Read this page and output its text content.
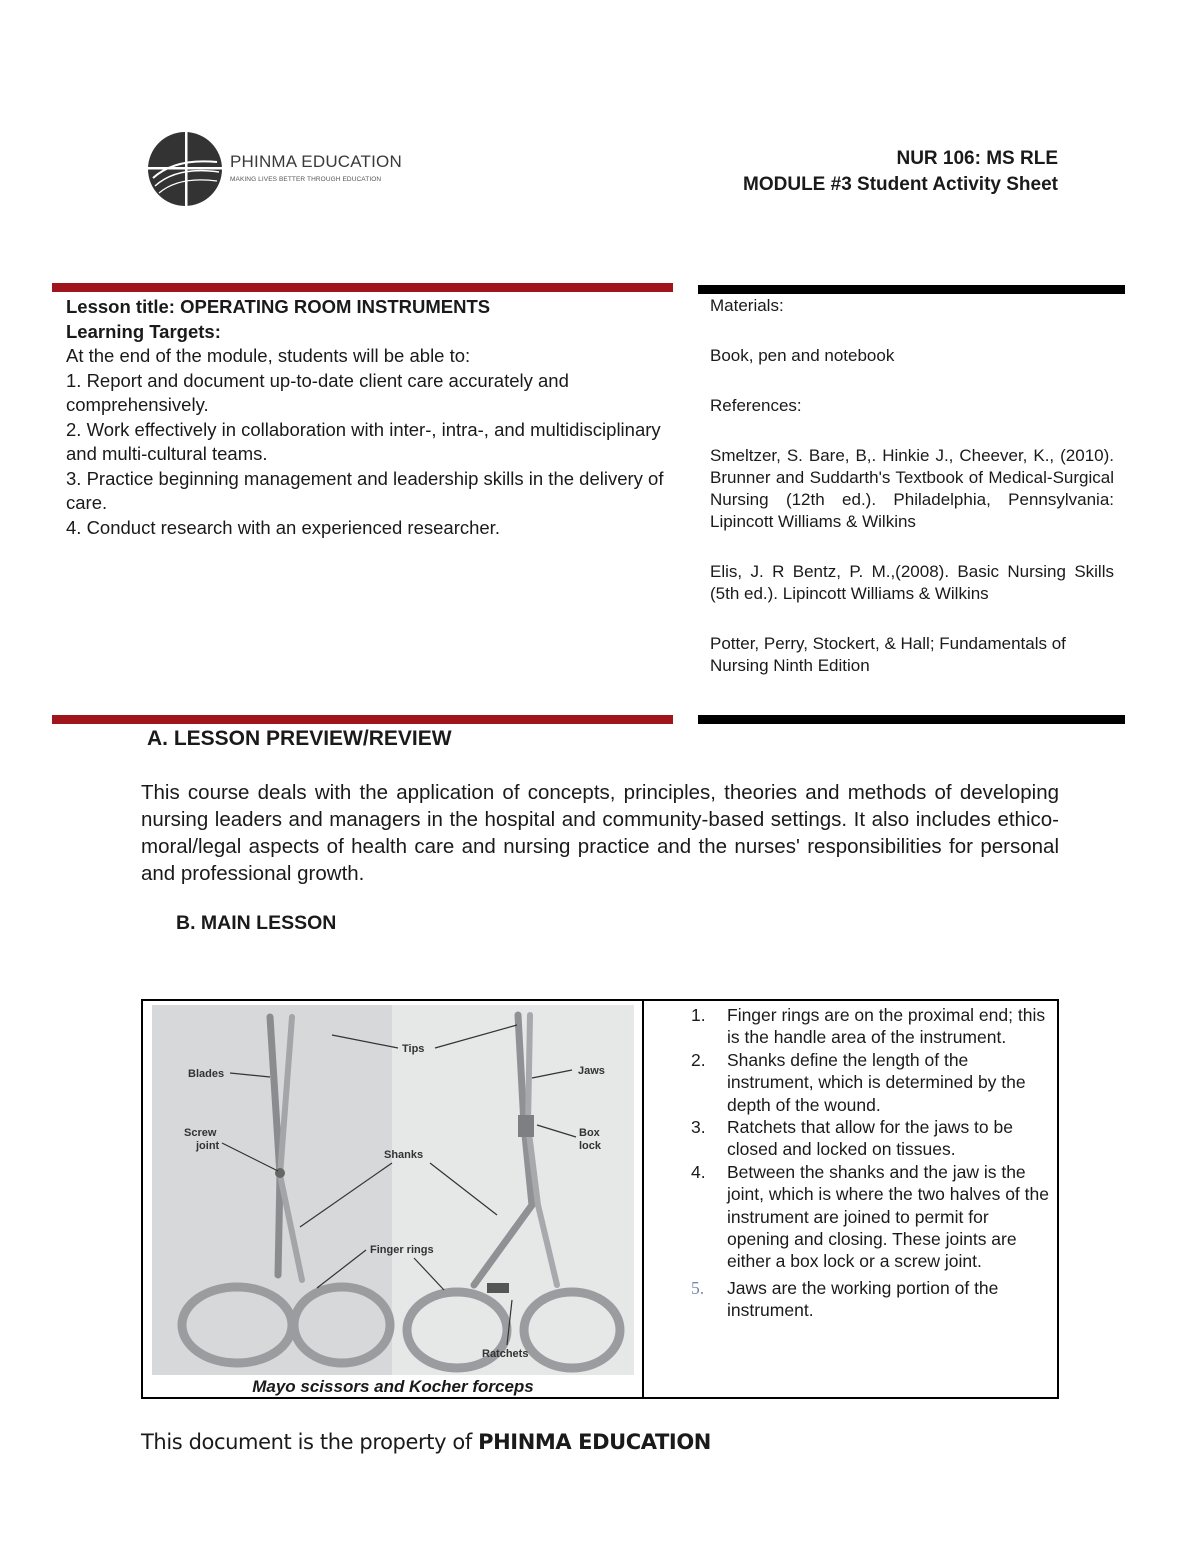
PHINMA EDUCATION
MAKING LIVES BETTER THROUGH EDUCATION
NUR 106: MS RLE
MODULE #3 Student Activity Sheet

Lesson title: OPERATING ROOM INSTRUMENTS

Learning Targets:

At the end of the module, students will be able to:

1. Report and document up-to-date client care accurately and comprehensively.

2. Work effectively in collaboration with inter-, intra-, and multidisciplinary and multi-cultural teams.

3. Practice beginning management and leadership skills in the delivery of care.

4. Conduct research with an experienced researcher.

Materials:

Book, pen and notebook

References:

Smeltzer, S. Bare, B,. Hinkie J., Cheever, K., (2010). Brunner and Suddarth's Textbook of Medical-Surgical Nursing (12th ed.). Philadelphia, Pennsylvania: Lipincott Williams & Wilkins

Elis, J. R Bentz, P. M.,(2008). Basic Nursing Skills (5th ed.). Lipincott Williams & Wilkins

Potter, Perry, Stockert, & Hall; Fundamentals of Nursing Ninth Edition

A. LESSON PREVIEW/REVIEW
This course deals with the application of concepts, principles, theories and methods of developing nursing leaders and managers in the hospital and community-based settings. It also includes ethico-moral/legal aspects of health care and nursing practice and the nurses' responsibilities for personal and professional growth.
B. MAIN LESSON
Tips
Blades	Jaws
Screw
joint
Box
lock
Shanks
Finger rings
Ratchets
Mayo scissors and Kocher forceps
1. Finger rings are on the proximal end; this is the handle area of the instrument.
2. Shanks define the length of the instrument, which is determined by the depth of the wound.
3. Ratchets that allow for the jaws to be closed and locked on tissues.
4. Between the shanks and the jaw is the joint, which is where the two halves of the instrument are joined to permit for opening and closing. These joints are either a box lock or a screw joint.
5. Jaws are the working portion of the instrument.
This document is the property of PHINMA EDUCATION
